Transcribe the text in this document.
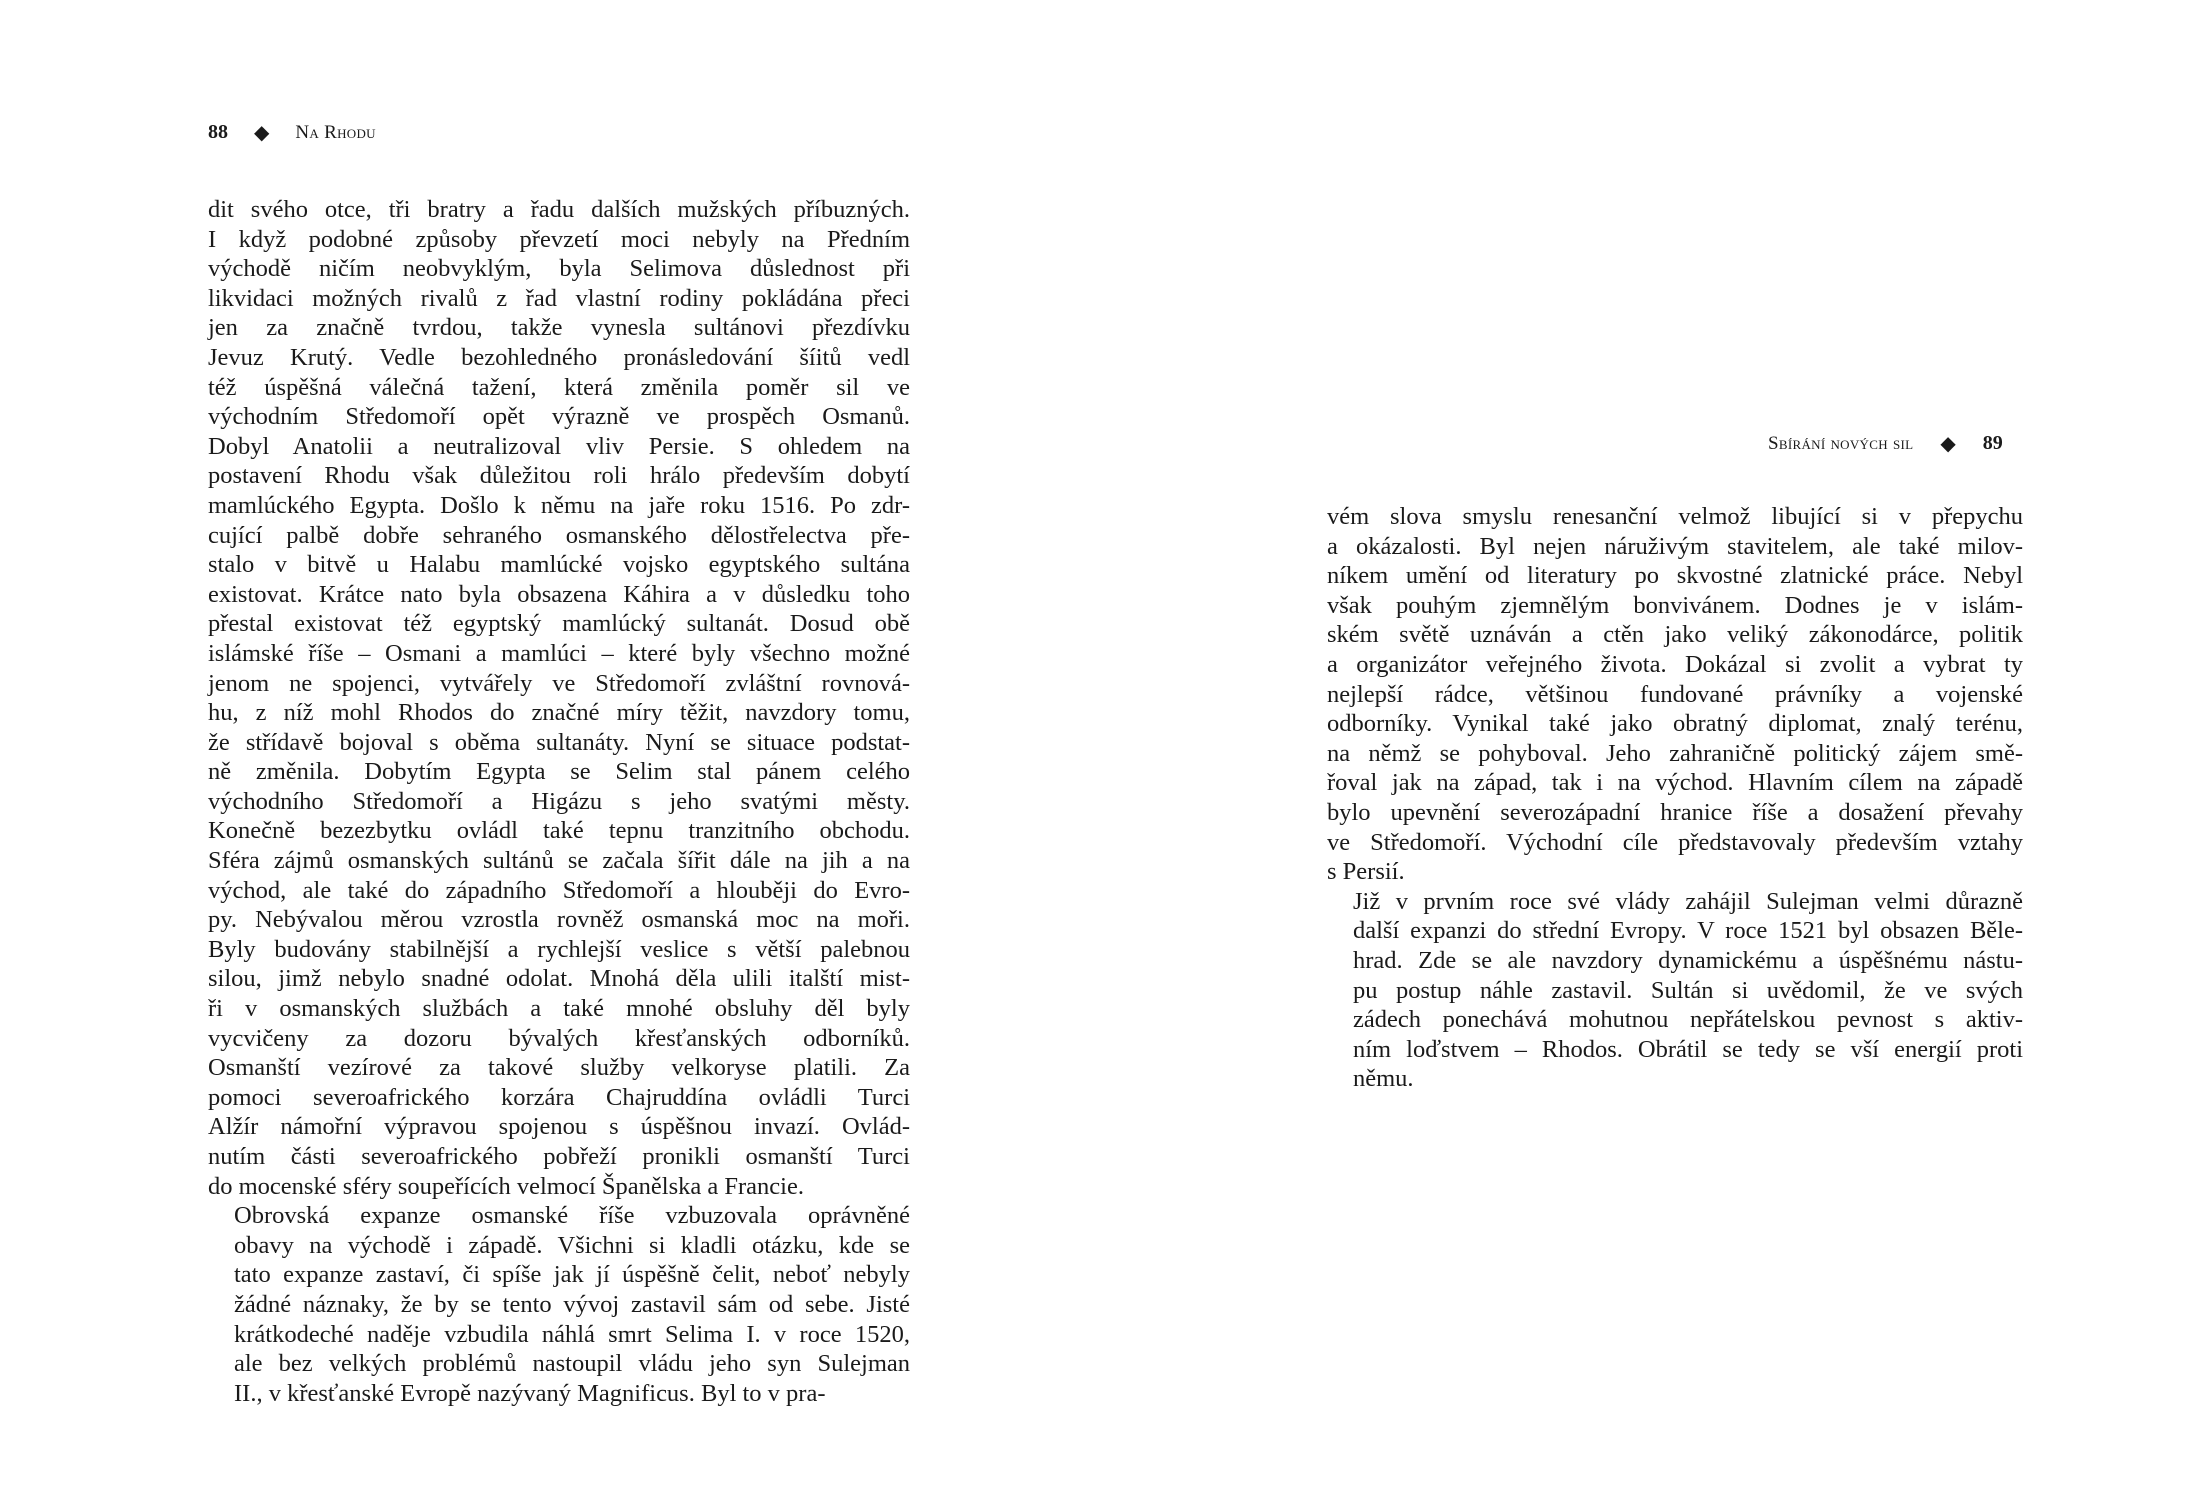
88 ◆ Na Rhodu

dit svého otce, tři bratry a řadu dalších mužských příbuzných.
I když podobné způsoby převzetí moci nebyly na Předním
východě ničím neobvyklým, byla Selimova důslednost při
likvidaci možných rivalů z řad vlastní rodiny pokládána přeci
jen za značně tvrdou, takže vynesla sultánovi přezdívku
Jevuz Krutý. Vedle bezohledného pronásledování šíitů vedl
též úspěšná válečná tažení, která změnila poměr sil ve
východním Středomoří opět výrazně ve prospěch Osmanů.
Dobyl Anatolii a neutralizoval vliv Persie. S ohledem na
postavení Rhodu však důležitou roli hrálo především dobytí
mamlúckého Egypta. Došlo k němu na jaře roku 1516. Po zdr-
cující palbě dobře sehraného osmanského dělostřelectva pře-
stalo v bitvě u Halabu mamlúcké vojsko egyptského sultána
existovat. Krátce nato byla obsazena Káhira a v důsledku toho
přestal existovat též egyptský mamlúcký sultanát. Dosud obě
islámské říše – Osmani a mamlúci – které byly všechno možné
jenom ne spojenci, vytvářely ve Středomoří zvláštní rovnová-
hu, z níž mohl Rhodos do značné míry těžit, navzdory tomu,
že střídavě bojoval s oběma sultanáty. Nyní se situace podstat-
ně změnila. Dobytím Egypta se Selim stal pánem celého
východního Středomoří a Higázu s jeho svatými městy.
Konečně bezezbytku ovládl také tepnu tranzitního obchodu.
Sféra zájmů osmanských sultánů se začala šířit dále na jih a na
východ, ale také do západního Středomoří a hlouběji do Evro-
py. Nebývalou měrou vzrostla rovněž osmanská moc na moři.
Byly budovány stabilnější a rychlejší veslice s větší palebnou
silou, jimž nebylo snadné odolat. Mnohá děla ulili italští mist-
ři v osmanských službách a také mnohé obsluhy děl byly
vycvičeny za dozoru bývalých křesťanských odborníků.
Osmanští vezírové za takové služby velkoryse platili. Za
pomoci severoafrického korzára Chajruddína ovládli Turci
Alžír námořní výpravou spojenou s úspěšnou invazí. Ovlád-
nutím části severoafrického pobřeží pronikli osmanští Turci
do mocenské sféry soupeřících velmocí Španělska a Francie.

Obrovská expanze osmanské říše vzbuzovala oprávněné
obavy na východě i západě. Všichni si kladli otázku, kde se
tato expanze zastaví, či spíše jak jí úspěšně čelit, neboť nebyly
žádné náznaky, že by se tento vývoj zastavil sám od sebe. Jisté
krátkodeché naděje vzbudila náhlá smrt Selima I. v roce 1520,
ale bez velkých problémů nastoupil vládu jeho syn Sulejman
II., v křesťanské Evropě nazývaný Magnificus. Byl to v pra-

Sbírání nových sil ◆ 89

vém slova smyslu renesanční velmož libující si v přepychu
a okázalosti. Byl nejen náruživým stavitelem, ale také milov-
níkem umění od literatury po skvostné zlatnické práce. Nebyl
však pouhým zjemnělým bonvivánem. Dodnes je v islám-
ském světě uznáván a ctěn jako veliký zákonodárce, politik
a organizátor veřejného života. Dokázal si zvolit a vybrat ty
nejlepší rádce, většinou fundované právníky a vojenské
odborníky. Vynikal také jako obratný diplomat, znalý terénu,
na němž se pohyboval. Jeho zahraničně politický zájem smě-
řoval jak na západ, tak i na východ. Hlavním cílem na západě
bylo upevnění severozápadní hranice říše a dosažení převahy
ve Středomoří. Východní cíle představovaly především vztahy
s Persií.

Již v prvním roce své vlády zahájil Sulejman velmi důrazně
další expanzi do střední Evropy. V roce 1521 byl obsazen Běle-
hrad. Zde se ale navzdory dynamickému a úspěšnému nástu-
pu postup náhle zastavil. Sultán si uvědomil, že ve svých
zádech ponechává mohutnou nepřátelskou pevnost s aktiv-
ním loďstvem – Rhodos. Obrátil se tedy se vší energií proti
němu.
